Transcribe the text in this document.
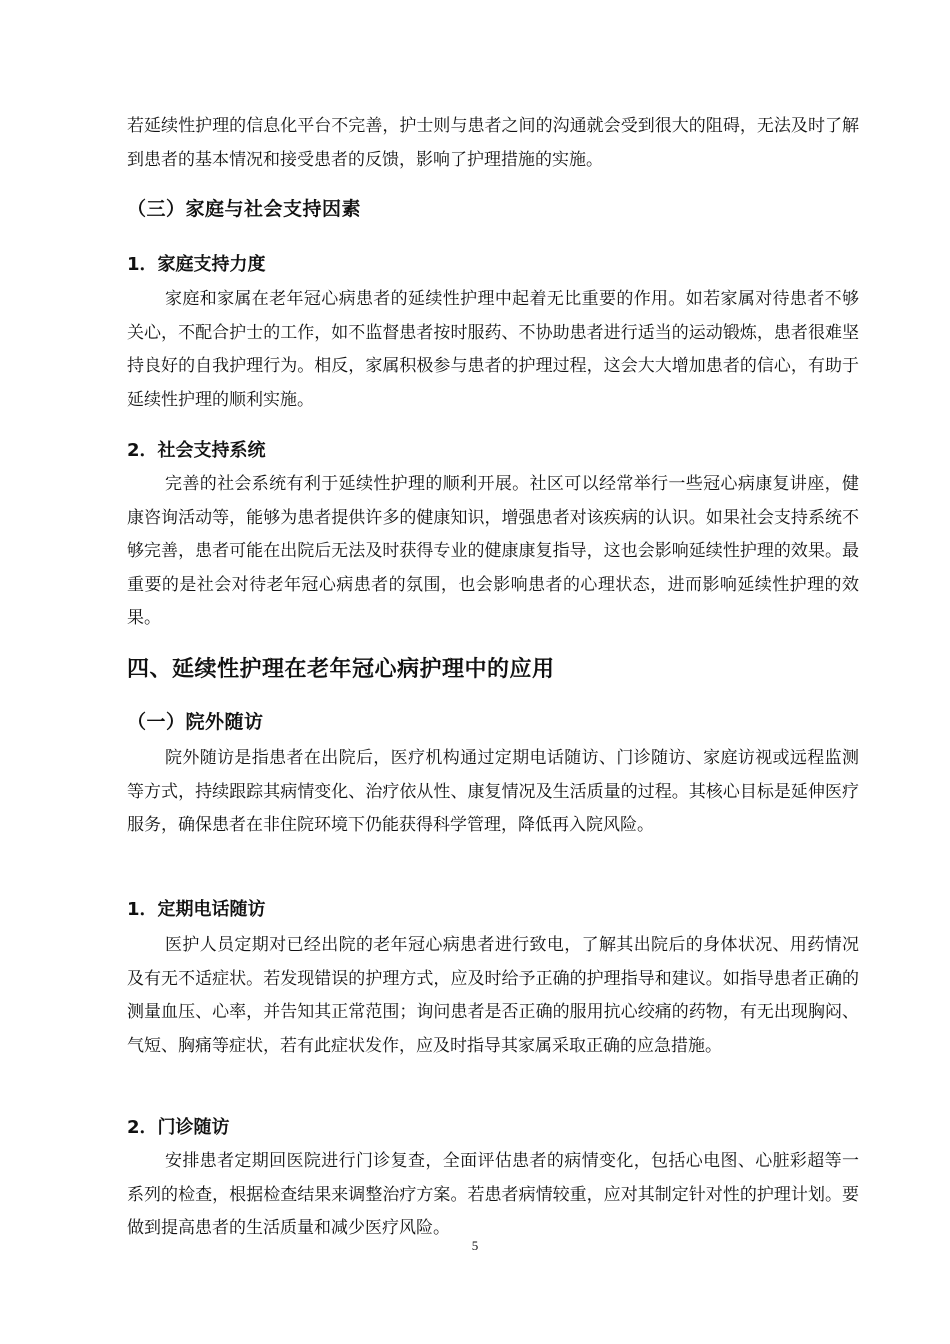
若延续性护理的信息化平台不完善，护士则与患者之间的沟通就会受到很大的阻碍，无法及时了解到患者的基本情况和接受患者的反馈，影响了护理措施的实施。

（三）家庭与社会支持因素
1．家庭支持力度

家庭和家属在老年冠心病患者的延续性护理中起着无比重要的作用。如若家属对待患者不够关心，不配合护士的工作，如不监督患者按时服药、不协助患者进行适当的运动锻炼，患者很难坚持良好的自我护理行为。相反，家属积极参与患者的护理过程，这会大大增加患者的信心，有助于延续性护理的顺利实施。

2．社会支持系统

完善的社会系统有利于延续性护理的顺利开展。社区可以经常举行一些冠心病康复讲座，健康咨询活动等，能够为患者提供许多的健康知识，增强患者对该疾病的认识。如果社会支持系统不够完善，患者可能在出院后无法及时获得专业的健康康复指导，这也会影响延续性护理的效果。最重要的是社会对待老年冠心病患者的氛围，也会影响患者的心理状态，进而影响延续性护理的效果。

四、延续性护理在老年冠心病护理中的应用
（一）院外随访

院外随访是指患者在出院后，医疗机构通过定期电话随访、门诊随访、家庭访视或远程监测等方式，持续跟踪其病情变化、治疗依从性、康复情况及生活质量的过程。其核心目标是延伸医疗服务，确保患者在非住院环境下仍能获得科学管理，降低再入院风险。

1．定期电话随访

医护人员定期对已经出院的老年冠心病患者进行致电，了解其出院后的身体状况、用药情况及有无不适症状。若发现错误的护理方式，应及时给予正确的护理指导和建议。如指导患者正确的测量血压、心率，并告知其正常范围；询问患者是否正确的服用抗心绞痛的药物，有无出现胸闷、气短、胸痛等症状，若有此症状发作，应及时指导其家属采取正确的应急措施。

2．门诊随访

安排患者定期回医院进行门诊复查，全面评估患者的病情变化，包括心电图、心脏彩超等一系列的检查，根据检查结果来调整治疗方案。若患者病情较重，应对其制定针对性的护理计划。要做到提高患者的生活质量和减少医疗风险。

5
